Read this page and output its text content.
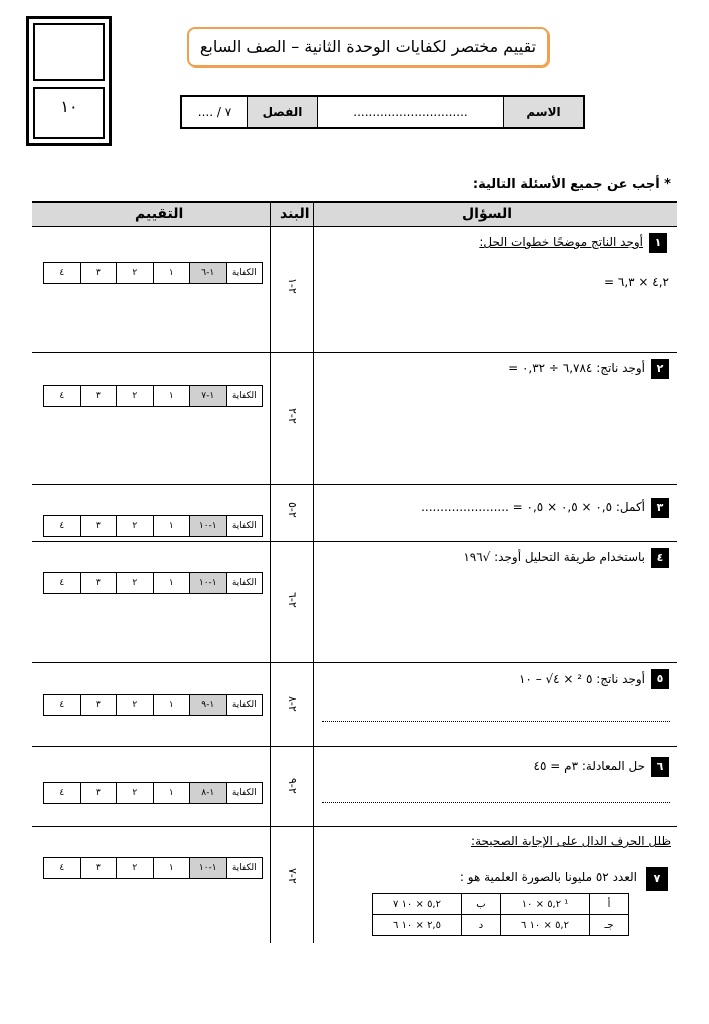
١٠
تقييم مختصر لكفايات الوحدة الثانية – الصف السابع
الاسم
..............................
الفصل
٧ / ....
* أجب عن جميع الأسئلة التالية:
السؤال
البند
التقييم
١
أوجد الناتج موضحًا خطوات الحل:
٤,٢ × ٦,٣ =
٢-١
٤	٣	٢	١	١-٦	الكفاية
٢
أوجد ناتج: ٦,٧٨٤ ÷ ٠,٣٢ =
٢-٢
٤	٣	٢	١	١-٧	الكفاية
٣
أكمل: ٠,٥ × ٠,٥ × ٠,٥ = .......................
٢-٥
٤	٣	٢	١	١-١٠	الكفاية
٤
باستخدام طريقة التحليل أوجد: √١٩٦
٢-٦
٤	٣	٢	١	١-١٠	الكفاية
٥
أوجد ناتج: ٥ ² × ٤√ – ١٠
٢-٨
٤	٣	٢	١	١-٩	الكفاية
٦
حل المعادلة: ٣م = ٤٥
٢-٩
٤	٣	٢	١	١-٨	الكفاية
ظلل الحرف الدال على الإجابة الصحيحة:
٧
العدد ٥٢ مليونا بالصورة العلمية هو :
٢-٧
٤	٣	٢	١	١-١٠	الكفاية
٥,٢ × ١٠ ٧	ب	٥,٢ × ١٠ ¹	أ
٢,٥ × ١٠ ٦	د	٥,٢ × ١٠ ٦	جـ
